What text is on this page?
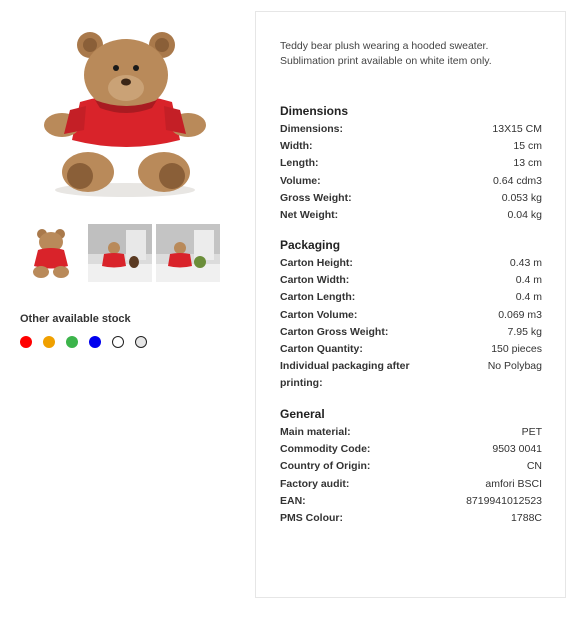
Other available stock
Teddy bear plush wearing a hooded sweater.
Sublimation print available on white item only.
Dimensions
Dimensions:	13X15 CM
Width:	15 cm
Length:	13 cm
Volume:	0.64 cdm3
Gross Weight:	0.053 kg
Net Weight:	0.04 kg
Packaging
Carton Height:	0.43 m
Carton Width:	0.4 m
Carton Length:	0.4 m
Carton Volume:	0.069 m3
Carton Gross Weight:	7.95 kg
Carton Quantity:	150 pieces
Individual packaging after printing:
No Polybag
General
Main material:	PET
Commodity Code:	9503 0041
Country of Origin:	CN
Factory audit:	amfori BSCI
EAN:	8719941012523
PMS Colour:	1788C
